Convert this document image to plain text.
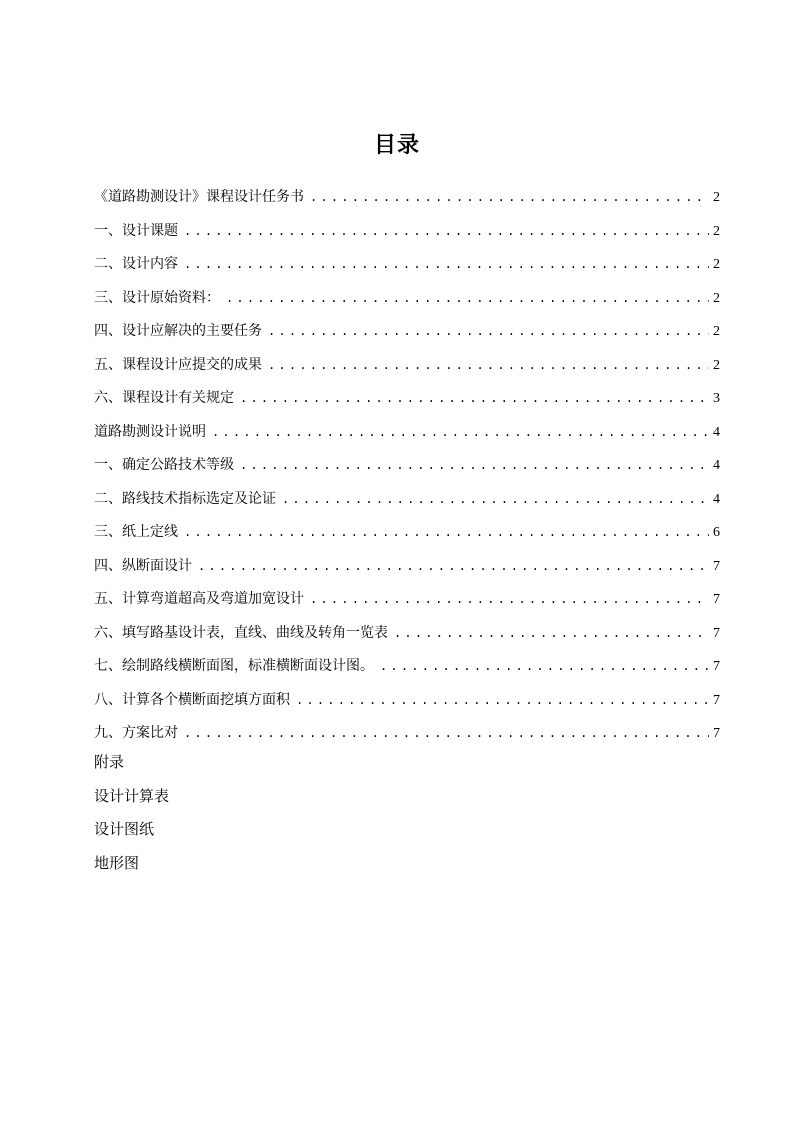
目录
《道路勘测设计》课程设计任务书 .....	2
一、设计课题 .....	2
二、设计内容 .....	2
三、设计原始资料： .....	2
四、设计应解决的主要任务 .....	2
五、课程设计应提交的成果 .....	2
六、课程设计有关规定 .....	3
道路勘测设计说明 .....	4
一、确定公路技术等级 .....	4
二、路线技术指标选定及论证 .....	4
三、纸上定线 .....	6
四、纵断面设计 .....	7
五、计算弯道超高及弯道加宽设计 .....	7
六、填写路基设计表，直线、曲线及转角一览表 .....	7
七、绘制路线横断面图，标准横断面设计图。 .....	7
八、计算各个横断面挖填方面积 .....	7
九、方案比对 .....	7
附录
设计计算表
设计图纸
地形图
